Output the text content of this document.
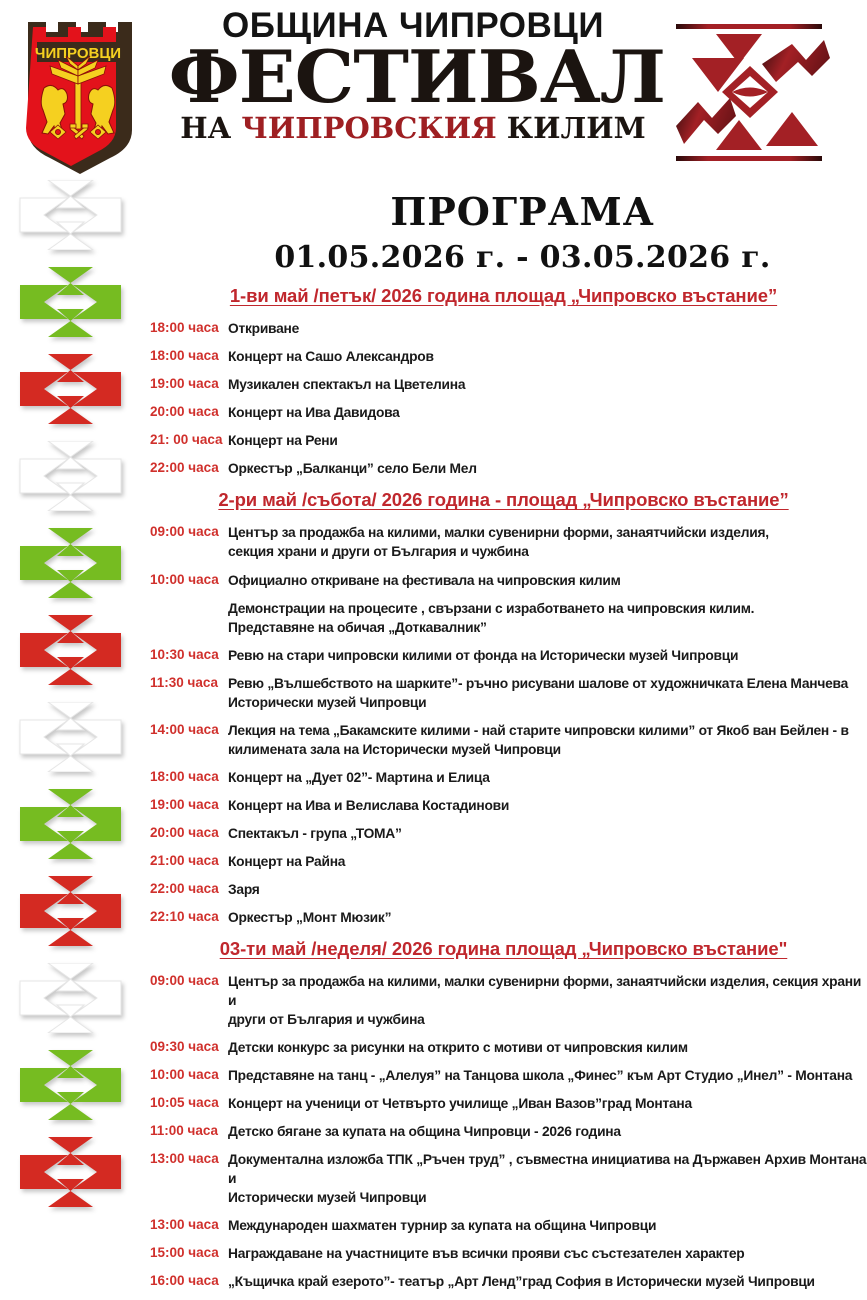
ЧИПРОВЦИ
ОБЩИНА ЧИПРОВЦИ
ФЕСТИВАЛ
НА ЧИПРОВСКИЯ КИЛИМ
ПРОГРАМА
01.05.2026 г. - 03.05.2026 г.
1-ви май /петък/ 2026 година площад „Чипровско въстание”
18:00 часа Откриване
18:00 часа Концерт на Сашо Александров
19:00 часа Музикален спектакъл на Цветелина
20:00 часа Концерт на Ива Давидова
21: 00 часа Концерт на Рени
22:00 часа Оркестър „Балканци” село Бели Мел
2-ри май /събота/ 2026 година - площад „Чипровско въстание”
09:00 часа Център за продажба на килими, малки сувенирни форми, занаятчийски изделия,
секция храни и други от България и чужбина
10:00 часа Официално откриване на фестивала на чипровския килим
Демонстрации на процесите , свързани с изработването на чипровския килим.
Представяне на обичая „Доткавалник”
10:30 часа Ревю на стари чипровски килими от фонда на Исторически музей Чипровци
11:30 часа Ревю „Вълшебството на шарките”- ръчно рисувани шалове от художничката Елена Манчева
Исторически музей Чипровци
14:00 часа Лекция на тема „Бакамските килими - най старите чипровски килими” от Якоб ван Бейлен - в
килимената зала на Исторически музей Чипровци
18:00 часа Концерт на „Дует 02”- Мартина и Елица
19:00 часа Концерт на Ива и Велислава Костадинови
20:00 часа Спектакъл - група „ТОМА”
21:00 часа Концерт на Райна
22:00 часа Заря
22:10 часа Оркестър „Монт Мюзик”
03-ти май /неделя/ 2026 година площад „Чипровско въстание"
09:00 часа Център за продажба на килими, малки сувенирни форми, занаятчийски изделия, секция храни и
други от България и чужбина
09:30 часа Детски конкурс за рисунки на открито с мотиви от чипровския килим
10:00 часа Представяне на танц - „Алелуя” на Танцова школа „Финес” към Арт Студио „Инел” - Монтана
10:05 часа Концерт на ученици от Четвърто училище „Иван Вазов”град Монтана
11:00 часа Детско бягане за купата на община Чипровци - 2026 година
13:00 часа Документална изложба ТПК „Ръчен труд” , съвместна инициатива на Държавен Архив Монтана и
Исторически музей Чипровци
13:00 часа Международен шахматен турнир за купата на община Чипровци
15:00 часа Награждаване на участниците във всички прояви със състезателен характер
16:00 часа „Къщичка край езерото”- театър „Арт Ленд”град София в Исторически музей Чипровци
